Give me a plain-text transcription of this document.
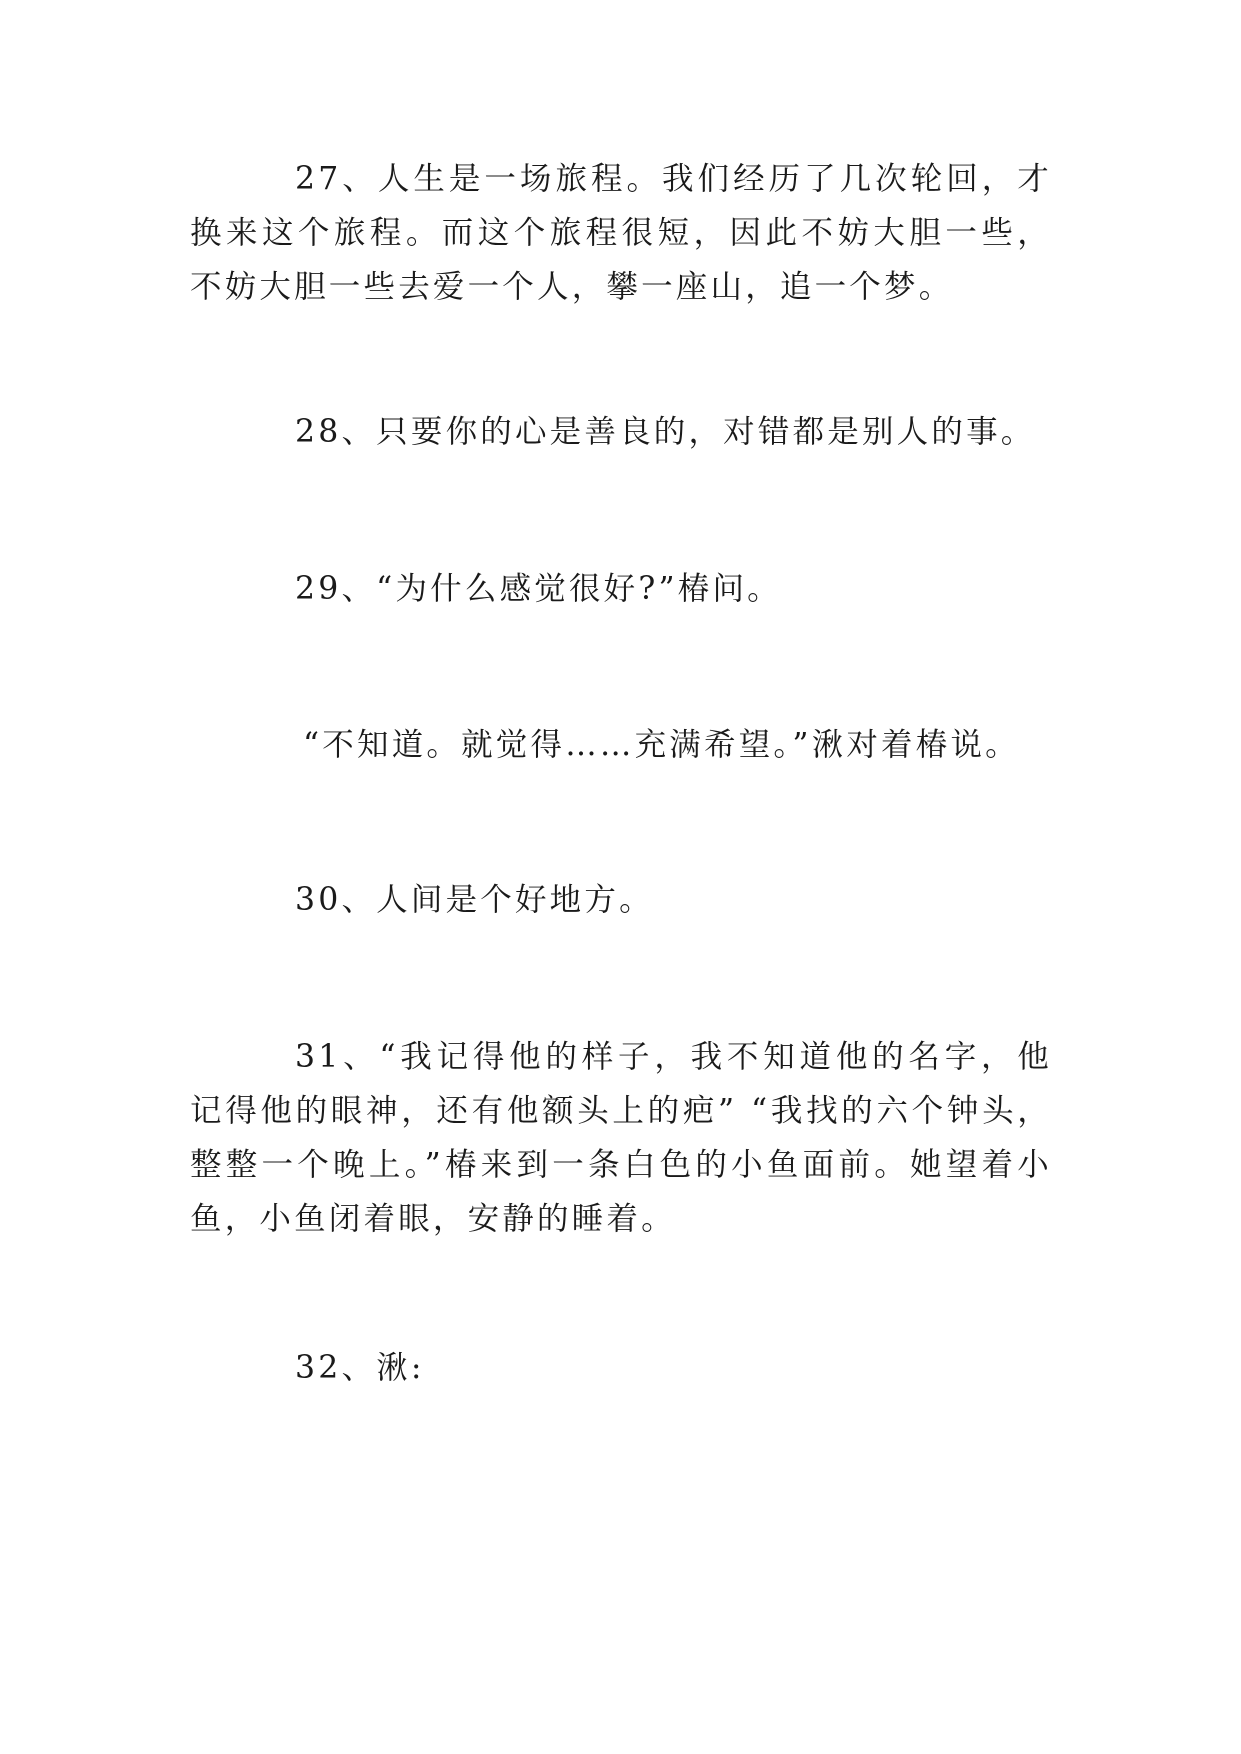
27、人生是一场旅程。我们经历了几次轮回，才换来这个旅程。而这个旅程很短，因此不妨大胆一些，不妨大胆一些去爱一个人，攀一座山，追一个梦。

28、只要你的心是善良的，对错都是别人的事。

29、“为什么感觉很好?”椿问。

“不知道。就觉得……充满希望。”湫对着椿说。

30、人间是个好地方。

31、“我记得他的样子，我不知道他的名字，他记得他的眼神，还有他额头上的疤” “我找的六个钟头，整整一个晚上。”椿来到一条白色的小鱼面前。她望着小鱼，小鱼闭着眼，安静的睡着。

32、湫:
